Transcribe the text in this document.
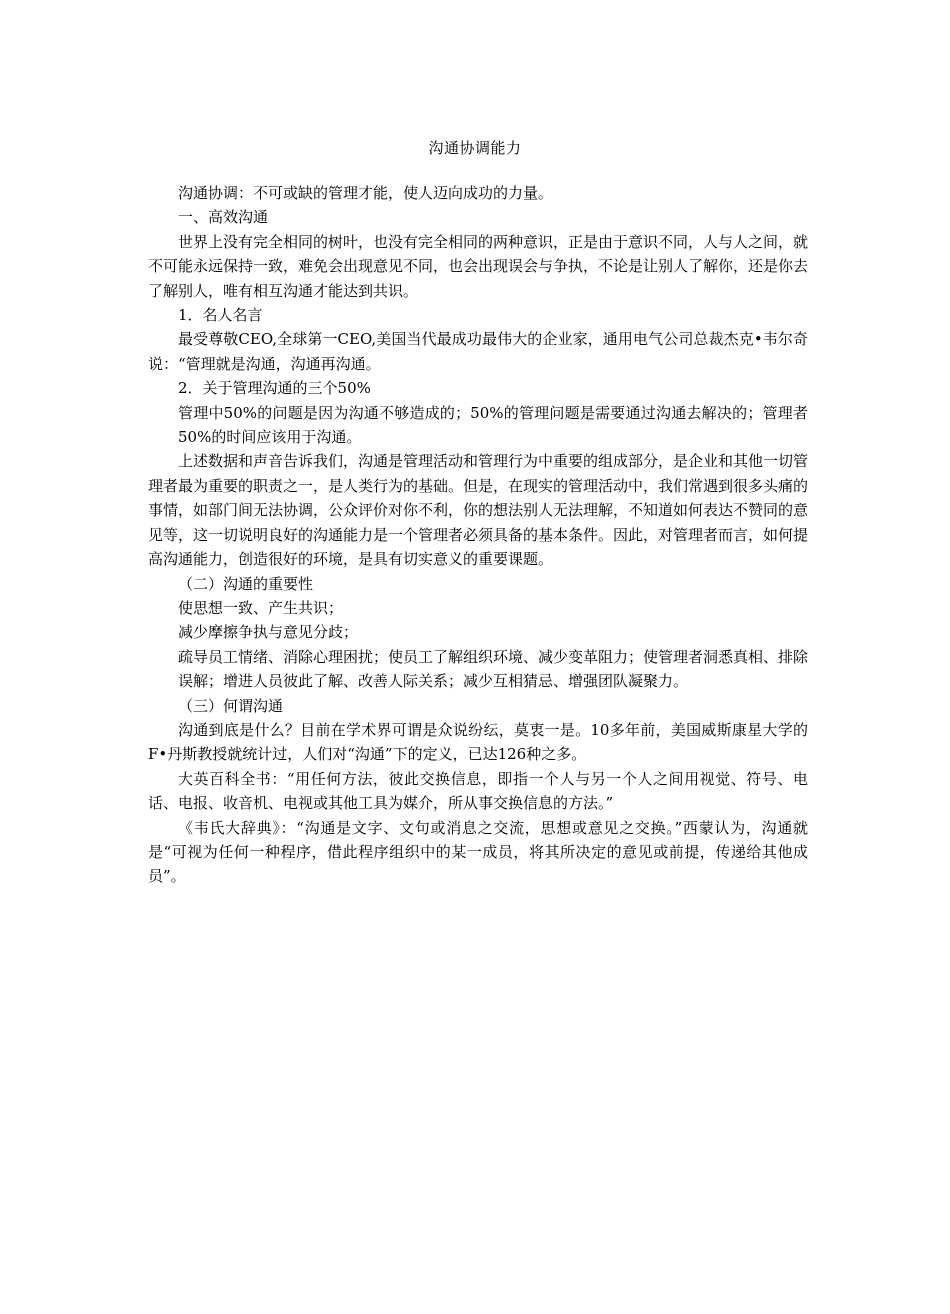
沟通协调能力

沟通协调：不可或缺的管理才能，使人迈向成功的力量。

一、高效沟通

世界上没有完全相同的树叶，也没有完全相同的两种意识，正是由于意识不同，人与人之间，就不可能永远保持一致，难免会出现意见不同，也会出现误会与争执，不论是让别人了解你，还是你去了解别人，唯有相互沟通才能达到共识。

1．名人名言

最受尊敬CEO,全球第一CEO,美国当代最成功最伟大的企业家，通用电气公司总裁杰克•韦尔奇说：“管理就是沟通，沟通再沟通。

2．关于管理沟通的三个50%

管理中50%的问题是因为沟通不够造成的；50%的管理问题是需要通过沟通去解决的；管理者50%的时间应该用于沟通。

上述数据和声音告诉我们，沟通是管理活动和管理行为中重要的组成部分，是企业和其他一切管理者最为重要的职责之一，是人类行为的基础。但是，在现实的管理活动中，我们常遇到很多头痛的事情，如部门间无法协调，公众评价对你不利，你的想法别人无法理解，不知道如何表达不赞同的意见等，这一切说明良好的沟通能力是一个管理者必须具备的基本条件。因此，对管理者而言，如何提高沟通能力，创造很好的环境，是具有切实意义的重要课题。

（二）沟通的重要性

使思想一致、产生共识；

减少摩擦争执与意见分歧；

疏导员工情绪、消除心理困扰；使员工了解组织环境、减少变革阻力；使管理者洞悉真相、排除误解；增进人员彼此了解、改善人际关系；减少互相猜忌、增强团队凝聚力。

（三）何谓沟通

沟通到底是什么？目前在学术界可谓是众说纷纭，莫衷一是。10多年前，美国威斯康星大学的F•丹斯教授就统计过，人们对“沟通”下的定义，已达126种之多。

大英百科全书：“用任何方法，彼此交换信息，即指一个人与另一个人之间用视觉、符号、电话、电报、收音机、电视或其他工具为媒介，所从事交换信息的方法。”

《韦氏大辞典》：“沟通是文字、文句或消息之交流，思想或意见之交换。”西蒙认为，沟通就是“可视为任何一种程序，借此程序组织中的某一成员，将其所决定的意见或前提，传递给其他成员”。
